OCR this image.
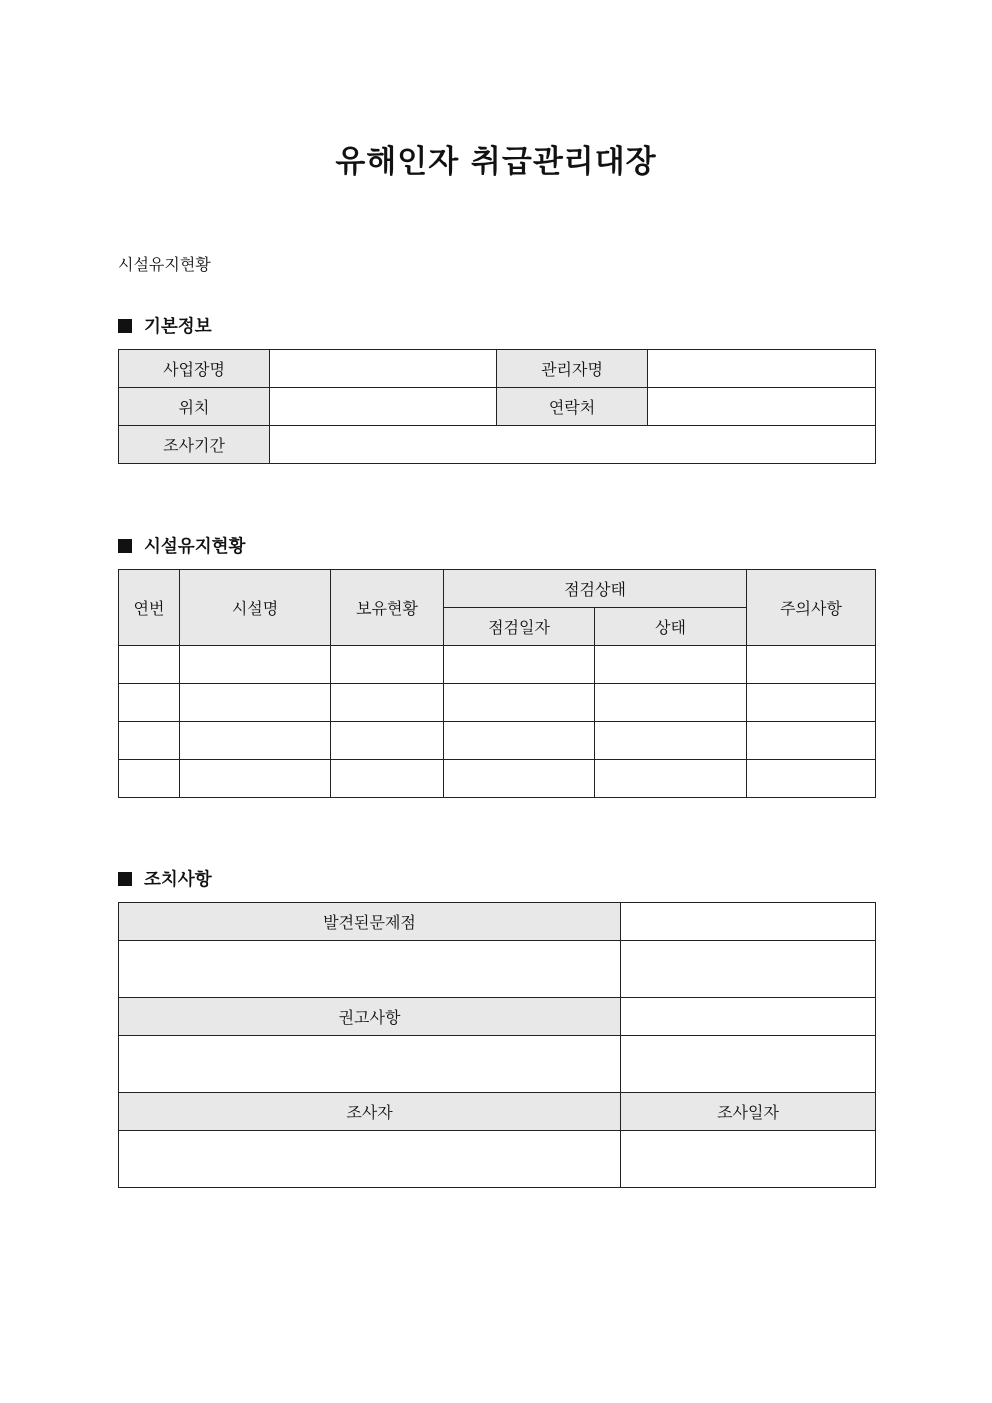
유해인자 취급관리대장
시설유지현황
기본정보
사업장명		관리자명	
위치		연락처	
조사기간			
시설유지현황
연번	시설명	보유현황	점검상태		주의사항
			점검일자	상태	

조치사항
발견된문제점	

권고사항	

조사자	조사일자
